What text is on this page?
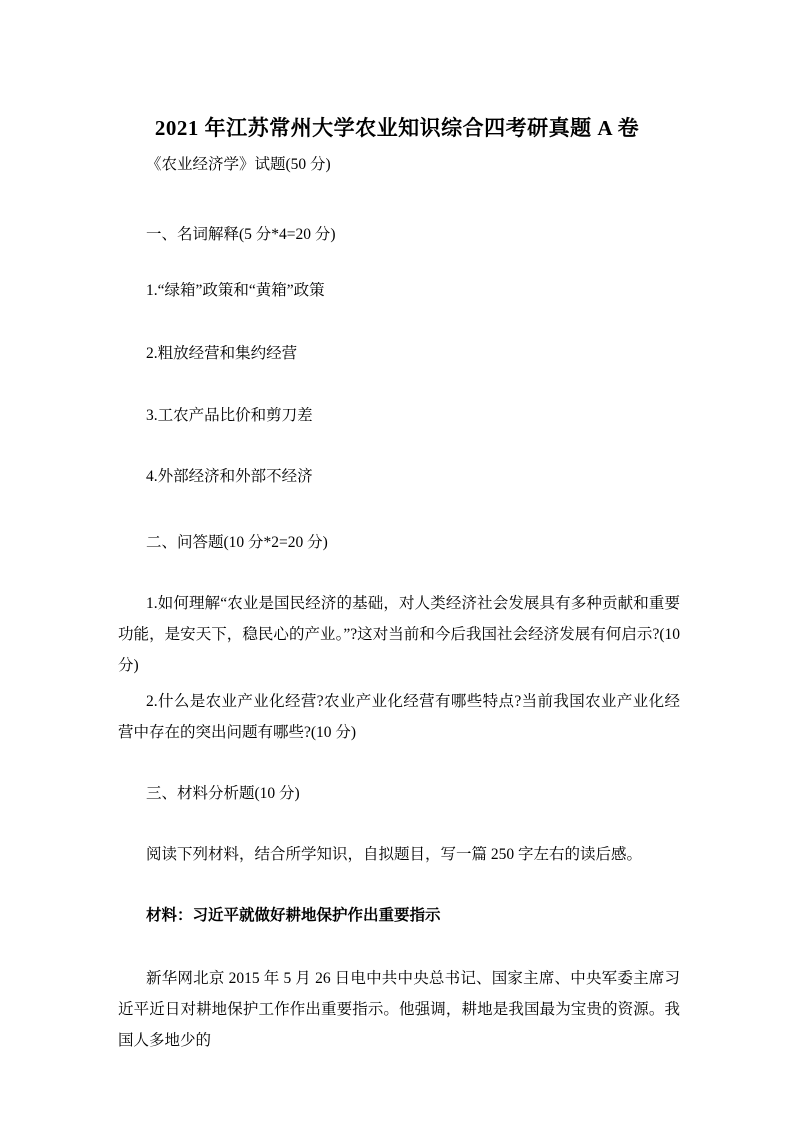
2021 年江苏常州大学农业知识综合四考研真题 A 卷

《农业经济学》试题(50 分)

一、名词解释(5 分*4=20 分)

1.“绿箱”政策和“黄箱”政策

2.粗放经营和集约经营

3.工农产品比价和剪刀差

4.外部经济和外部不经济

二、问答题(10 分*2=20 分)

1.如何理解“农业是国民经济的基础，对人类经济社会发展具有多种贡献和重要功能，是安天下，稳民心的产业。”?这对当前和今后我国社会经济发展有何启示?(10 分)

2.什么是农业产业化经营?农业产业化经营有哪些特点?当前我国农业产业化经营中存在的突出问题有哪些?(10 分)

三、材料分析题(10 分)

阅读下列材料，结合所学知识，自拟题目，写一篇 250 字左右的读后感。

材料：习近平就做好耕地保护作出重要指示

新华网北京 2015 年 5 月 26 日电中共中央总书记、国家主席、中央军委主席习近平近日对耕地保护工作作出重要指示。他强调，耕地是我国最为宝贵的资源。我国人多地少的
